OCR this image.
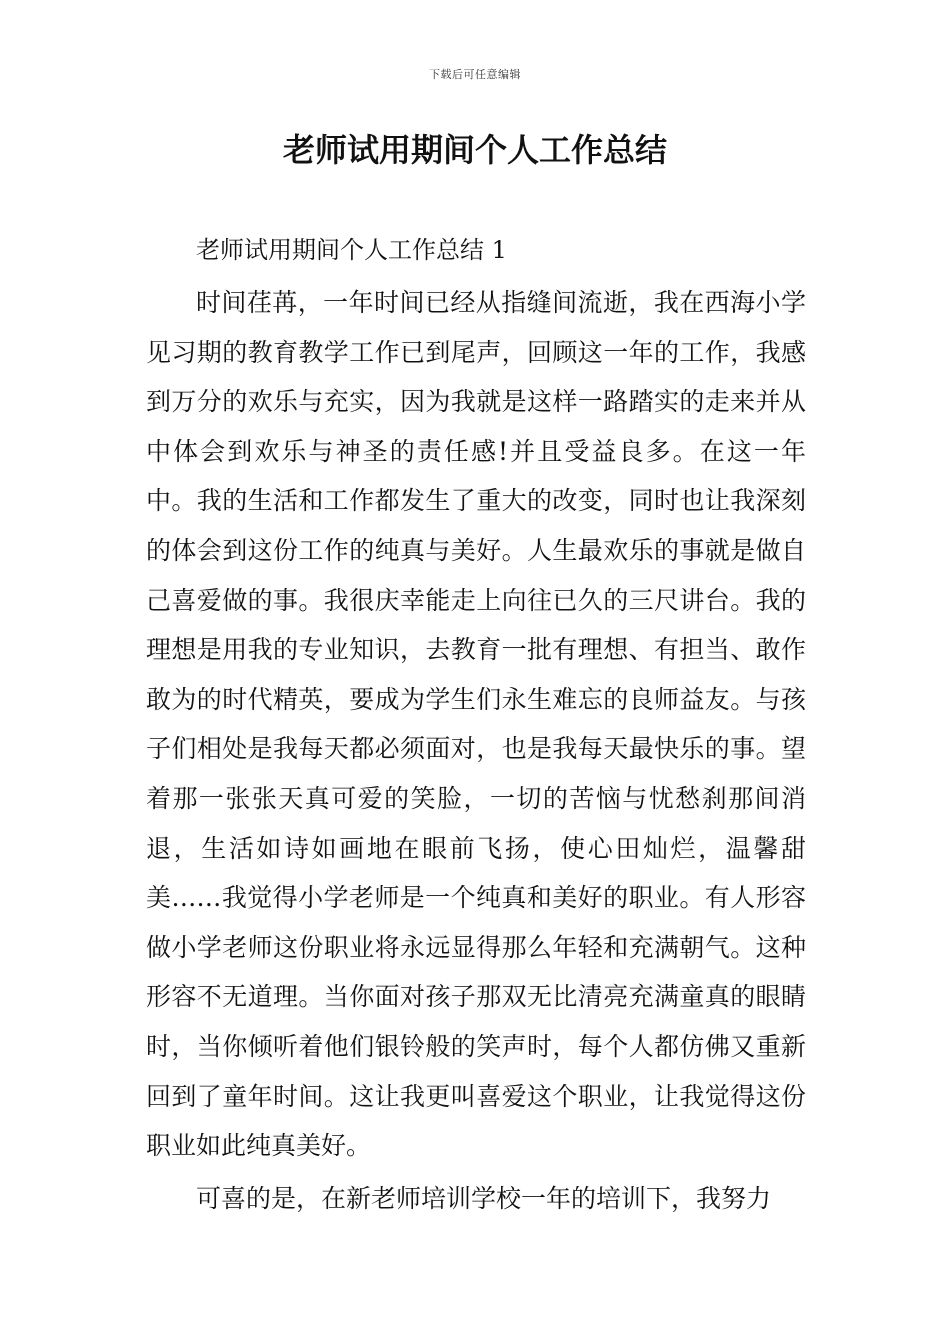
下载后可任意编辑
老师试用期间个人工作总结

老师试用期间个人工作总结 1

时间荏苒，一年时间已经从指缝间流逝，我在西海小学见习期的教育教学工作已到尾声，回顾这一年的工作，我感到万分的欢乐与充实，因为我就是这样一路踏实的走来并从中体会到欢乐与神圣的责任感!并且受益良多。在这一年中。我的生活和工作都发生了重大的改变，同时也让我深刻的体会到这份工作的纯真与美好。人生最欢乐的事就是做自己喜爱做的事。我很庆幸能走上向往已久的三尺讲台。我的理想是用我的专业知识，去教育一批有理想、有担当、敢作敢为的时代精英，要成为学生们永生难忘的良师益友。与孩子们相处是我每天都必须面对，也是我每天最快乐的事。望着那一张张天真可爱的笑脸，一切的苦恼与忧愁刹那间消退，生活如诗如画地在眼前飞扬，使心田灿烂，温馨甜美……我觉得小学老师是一个纯真和美好的职业。有人形容做小学老师这份职业将永远显得那么年轻和充满朝气。这种形容不无道理。当你面对孩子那双无比清亮充满童真的眼睛时，当你倾听着他们银铃般的笑声时，每个人都仿佛又重新回到了童年时间。这让我更叫喜爱这个职业，让我觉得这份职业如此纯真美好。

可喜的是，在新老师培训学校一年的培训下，我努力
